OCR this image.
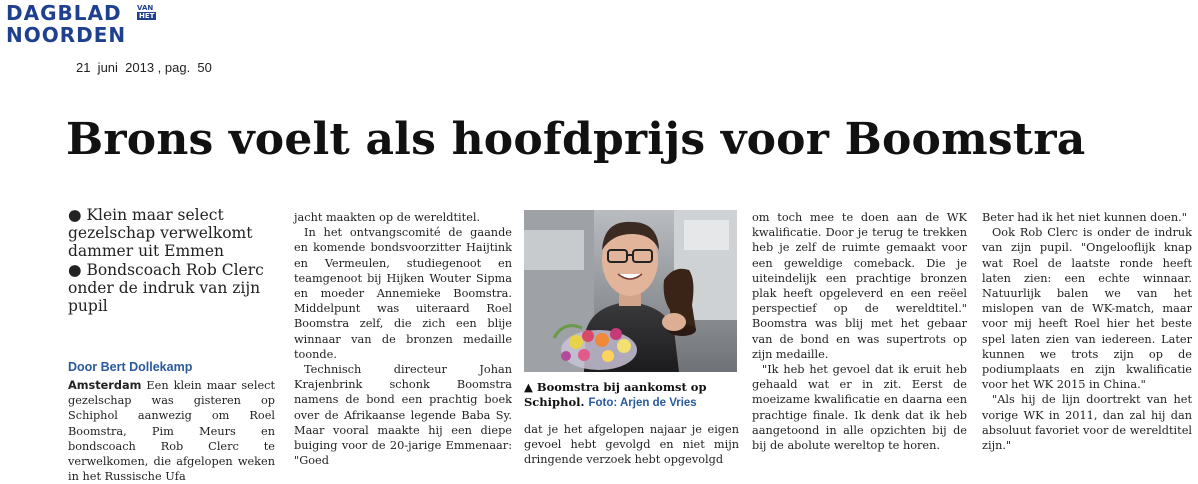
DAGBLAD
NOORDEN
VAN
HET
21  juni  2013 , pag.  50
Brons voelt als hoofdprijs voor Boomstra

● Klein maar select gezelschap verwelkomt dammer uit Emmen

● Bondscoach Rob Clerc onder de indruk van zijn pupil

Door Bert Dollekamp

Amsterdam Een klein maar select gezelschap was gisteren op Schiphol aanwezig om Roel Boomstra, Pim Meurs en bondscoach Rob Clerc te verwelkomen, die afgelopen weken in het Russische Ufa

jacht maakten op de wereldtitel.

In het ontvangscomité de gaande en komende bondsvoorzitter Haijtink en Vermeulen, studiegenoot en teamgenoot bij Hijken Wouter Sipma en moeder Annemieke Boomstra. Middelpunt was uiteraard Roel Boomstra zelf, die zich een blije winnaar van de bronzen medaille toonde.

Technisch directeur Johan Krajenbrink schonk Boomstra namens de bond een prachtig boek over de Afrikaanse legende Baba Sy. Maar vooral maakte hij een diepe buiging voor de 20-jarige Emmenaar: "Goed

▲ Boomstra bij aankomst op Schiphol. Foto: Arjen de Vries

dat je het afgelopen najaar je eigen gevoel hebt gevolgd en niet mijn dringende verzoek hebt opgevolgd

om toch mee te doen aan de WK kwalificatie. Door je terug te trekken heb je zelf de ruimte gemaakt voor een geweldige comeback. Die je uiteindelijk een prachtige bronzen plak heeft opgeleverd en een reëel perspectief op de wereldtitel." Boomstra was blij met het gebaar van de bond en was supertrots op zijn medaille.

"Ik heb het gevoel dat ik eruit heb gehaald wat er in zit. Eerst de moeizame kwalificatie en daarna een prachtige finale. Ik denk dat ik heb aangetoond in alle opzichten bij de bij de abolute wereltop te horen.

Beter had ik het niet kunnen doen."

Ook Rob Clerc is onder de indruk van zijn pupil. "Ongelooflijk knap wat Roel de laatste ronde heeft laten zien: een echte winnaar. Natuurlijk balen we van het mislopen van de WK-match, maar voor mij heeft Roel hier het beste spel laten zien van iedereen. Later kunnen we trots zijn op de podiumplaats en zijn kwalificatie voor het WK 2015 in China."

"Als hij de lijn doortrekt van het vorige WK in 2011, dan zal hij dan absoluut favoriet voor de wereldtitel zijn."
